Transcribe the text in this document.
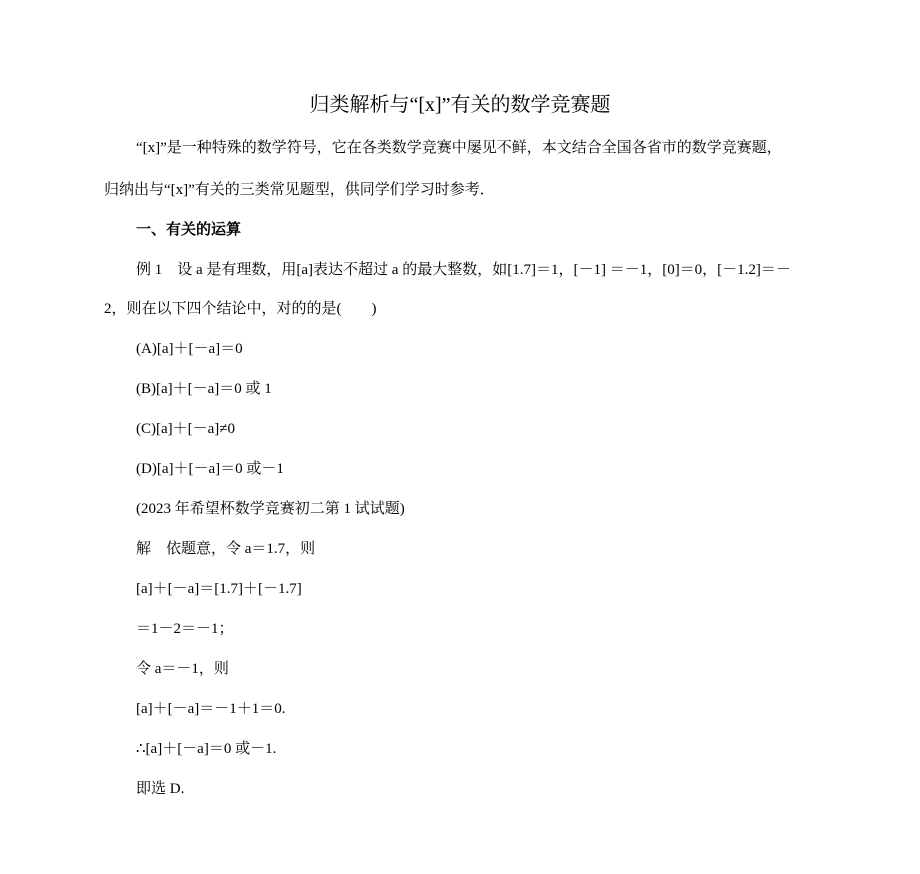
归类解析与“[x]”有关的数学竞赛题
“[x]”是一种特殊的数学符号，它在各类数学竞赛中屡见不鲜，本文结合全国各省市的数学竞赛题，
归纳出与“[x]”有关的三类常见题型，供同学们学习时参考．
一、有关的运算
例 1　设 a 是有理数，用[a]表达不超过 a 的最大整数，如[1.7]＝1，[－1] ＝－1，[0]＝0，[－1.2]＝－
2，则在以下四个结论中，对的的是(　　)
(A)[a]＋[－a]＝0
(B)[a]＋[－a]＝0 或 1
(C)[a]＋[－a]≠0
(D)[a]＋[－a]＝0 或－1
(2023 年希望杯数学竞赛初二第 1 试试题)
解　依题意，令 a＝1.7，则
[a]＋[－a]＝[1.7]＋[－1.7]
＝1－2＝－1；
令 a＝－1，则
[a]＋[－a]＝－1＋1＝0.
∴[a]＋[－a]＝0 或－1.
即选 D.
